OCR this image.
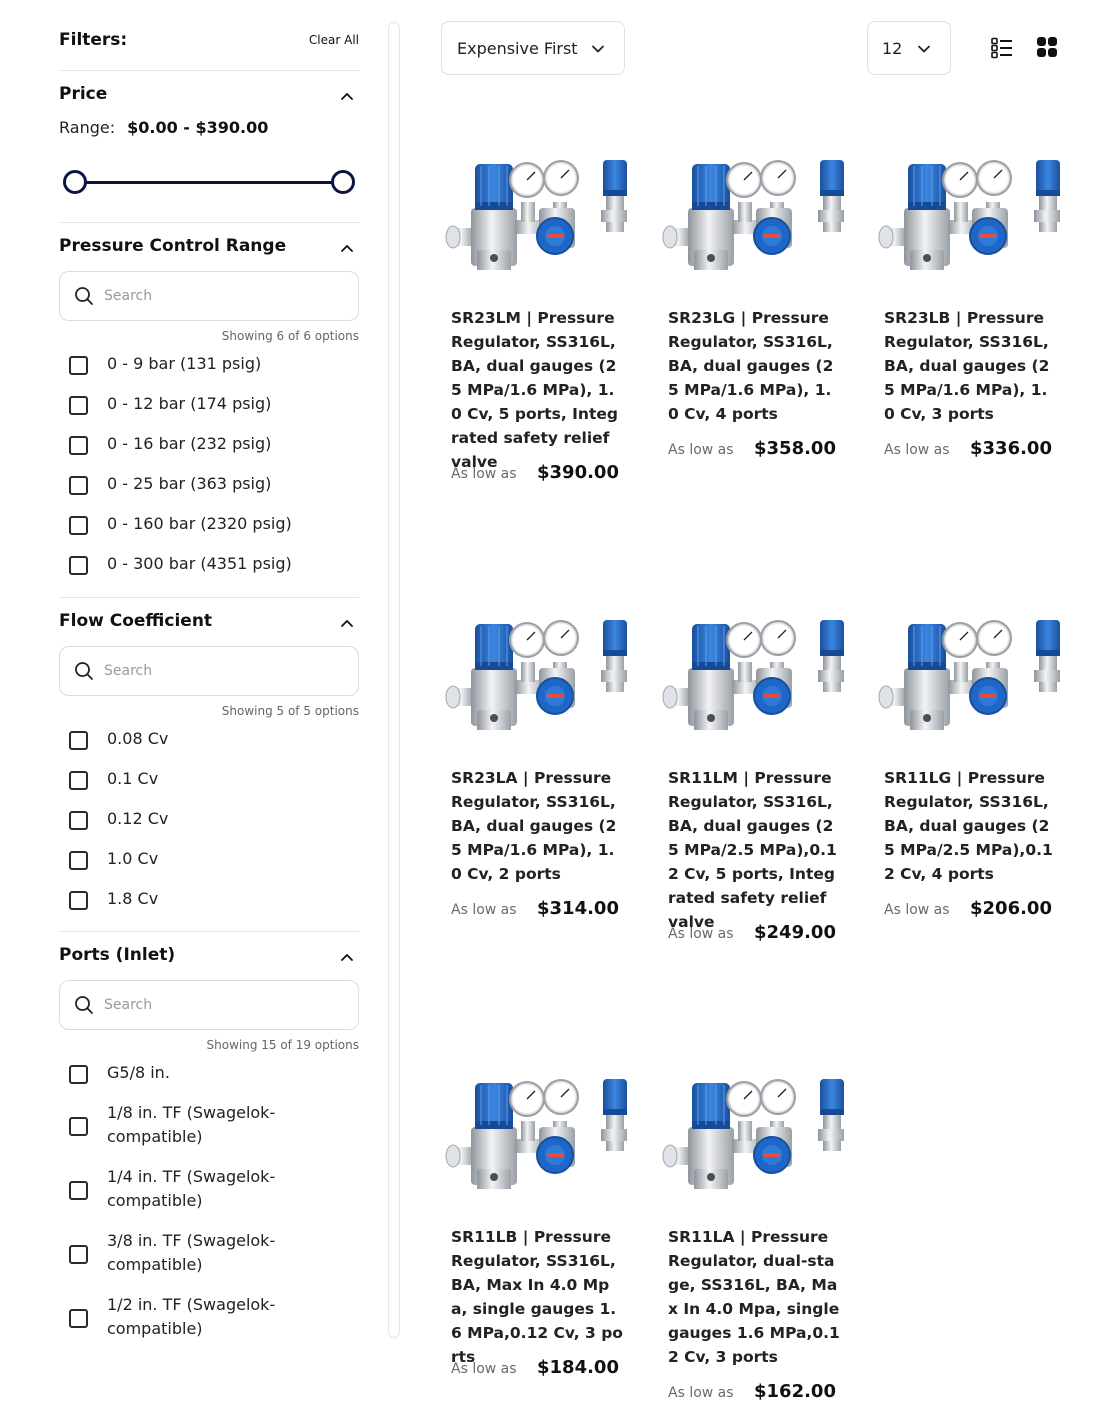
Filters:	Clear All
Price
Range: $0.00 - $390.00
Pressure Control Range
Search
Showing 6 of 6 options
0 - 9 bar (131 psig)
0 - 12 bar (174 psig)
0 - 16 bar (232 psig)
0 - 25 bar (363 psig)
0 - 160 bar (2320 psig)
0 - 300 bar (4351 psig)
Flow Coefficient
Search
Showing 5 of 5 options
0.08 Cv
0.1 Cv
0.12 Cv
1.0 Cv
1.8 Cv
Ports (Inlet)
Search
Showing 15 of 19 options
G5/8 in.
1/8 in. TF (Swagelok-
compatible)
1/4 in. TF (Swagelok-
compatible)
3/8 in. TF (Swagelok-
compatible)
1/2 in. TF (Swagelok-
compatible)
Expensive First	12
SR23LM | Pressure Regulator, SS316L, BA, dual gauges (25 MPa/1.6 MPa), 1.0 Cv, 5 ports, Integrated safety relief valve
As low as $390.00
SR23LG | Pressure Regulator, SS316L, BA, dual gauges (25 MPa/1.6 MPa), 1.0 Cv, 4 ports
As low as $358.00
SR23LB | Pressure Regulator, SS316L, BA, dual gauges (25 MPa/1.6 MPa), 1.0 Cv, 3 ports
As low as $336.00
SR23LA | Pressure Regulator, SS316L, BA, dual gauges (25 MPa/1.6 MPa), 1.0 Cv, 2 ports
As low as $314.00
SR11LM | Pressure Regulator, SS316L, BA, dual gauges (25 MPa/2.5 MPa),0.12 Cv, 5 ports, Integrated safety relief valve
As low as $249.00
SR11LG | Pressure Regulator, SS316L, BA, dual gauges (25 MPa/2.5 MPa),0.12 Cv, 4 ports
As low as $206.00
SR11LB | Pressure Regulator, SS316L, BA, Max In 4.0 Mpa, single gauges 1.6 MPa,0.12 Cv, 3 ports
As low as $184.00
SR11LA | Pressure Regulator, dual-stage, SS316L, BA, Max In 4.0 Mpa, single gauges 1.6 MPa,0.12 Cv, 3 ports
As low as $162.00
